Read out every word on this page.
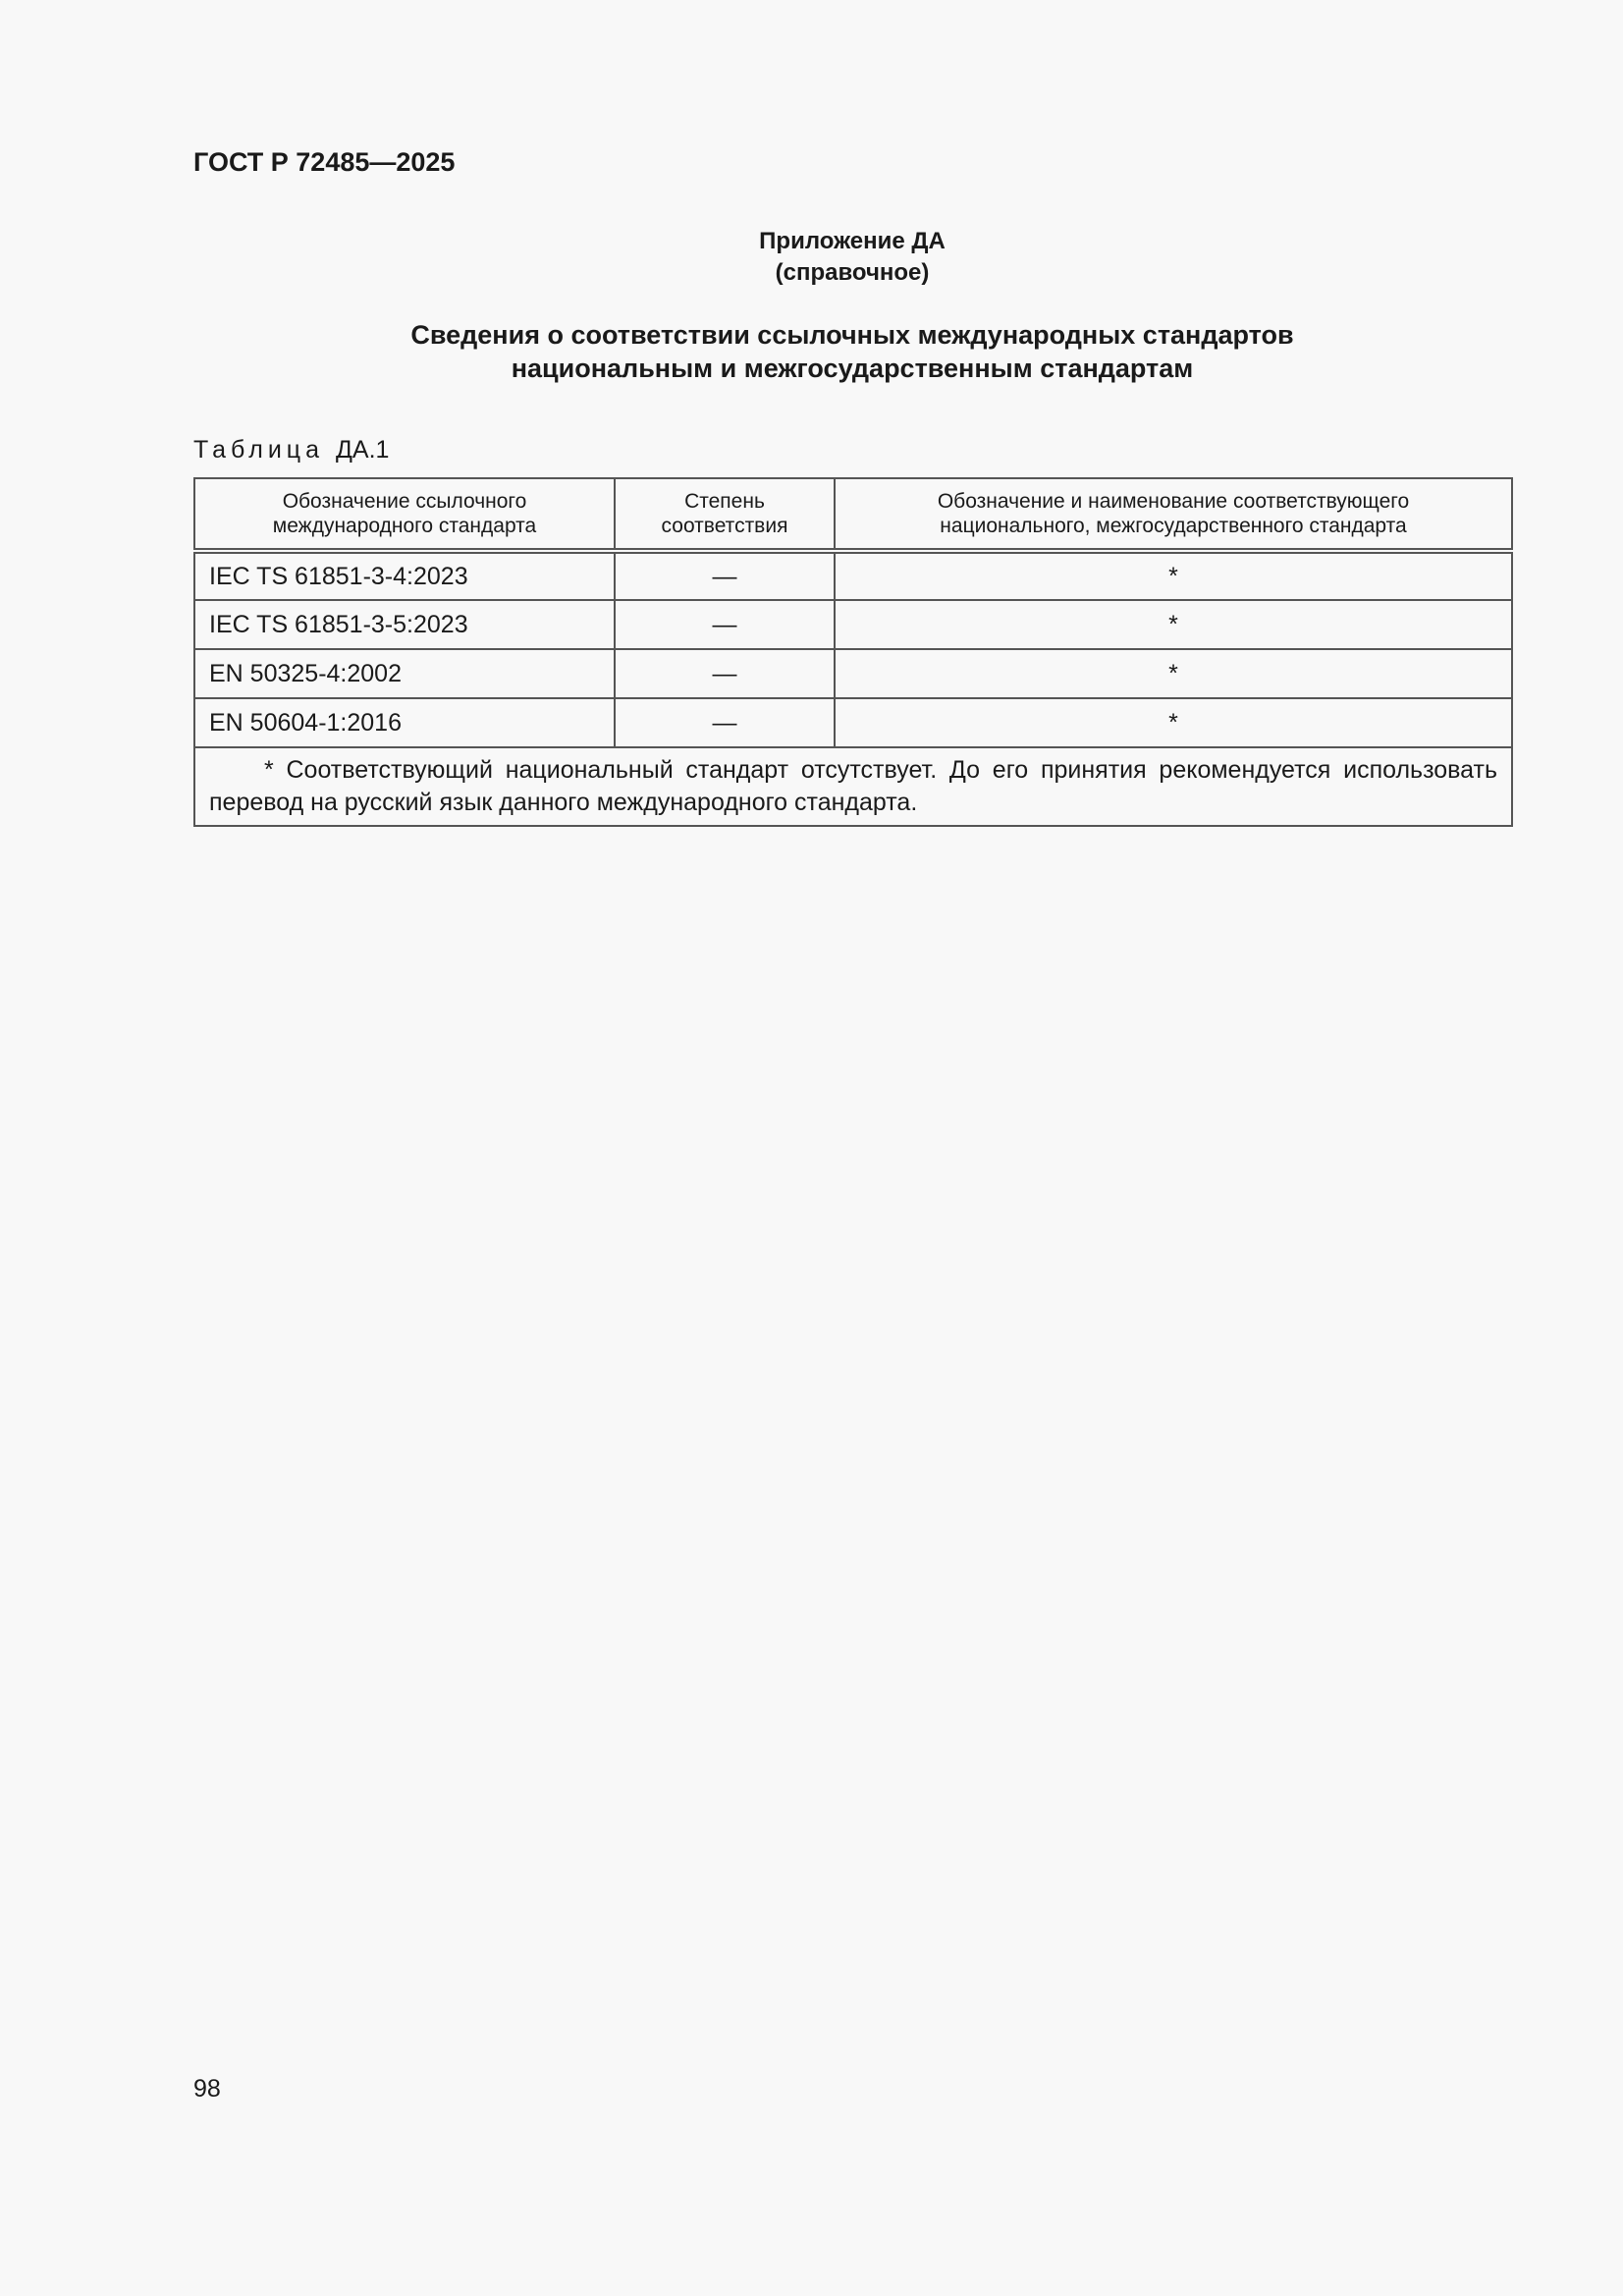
ГОСТ Р 72485—2025
Приложение ДА
(справочное)
Сведения о соответствии ссылочных международных стандартов
национальным и межгосударственным стандартам
Таблица ДА.1
Обозначение ссылочного международного стандарта	Степень соответствия	Обозначение и наименование соответствующего национального, межгосударственного стандарта
IEC TS 61851-3-4:2023	—	*
IEC TS 61851-3-5:2023	—	*
EN 50325-4:2002	—	*
EN 50604-1:2016	—	*
* Соответствующий национальный стандарт отсутствует. До его принятия рекомендуется использовать перевод на русский язык данного международного стандарта.		
98
